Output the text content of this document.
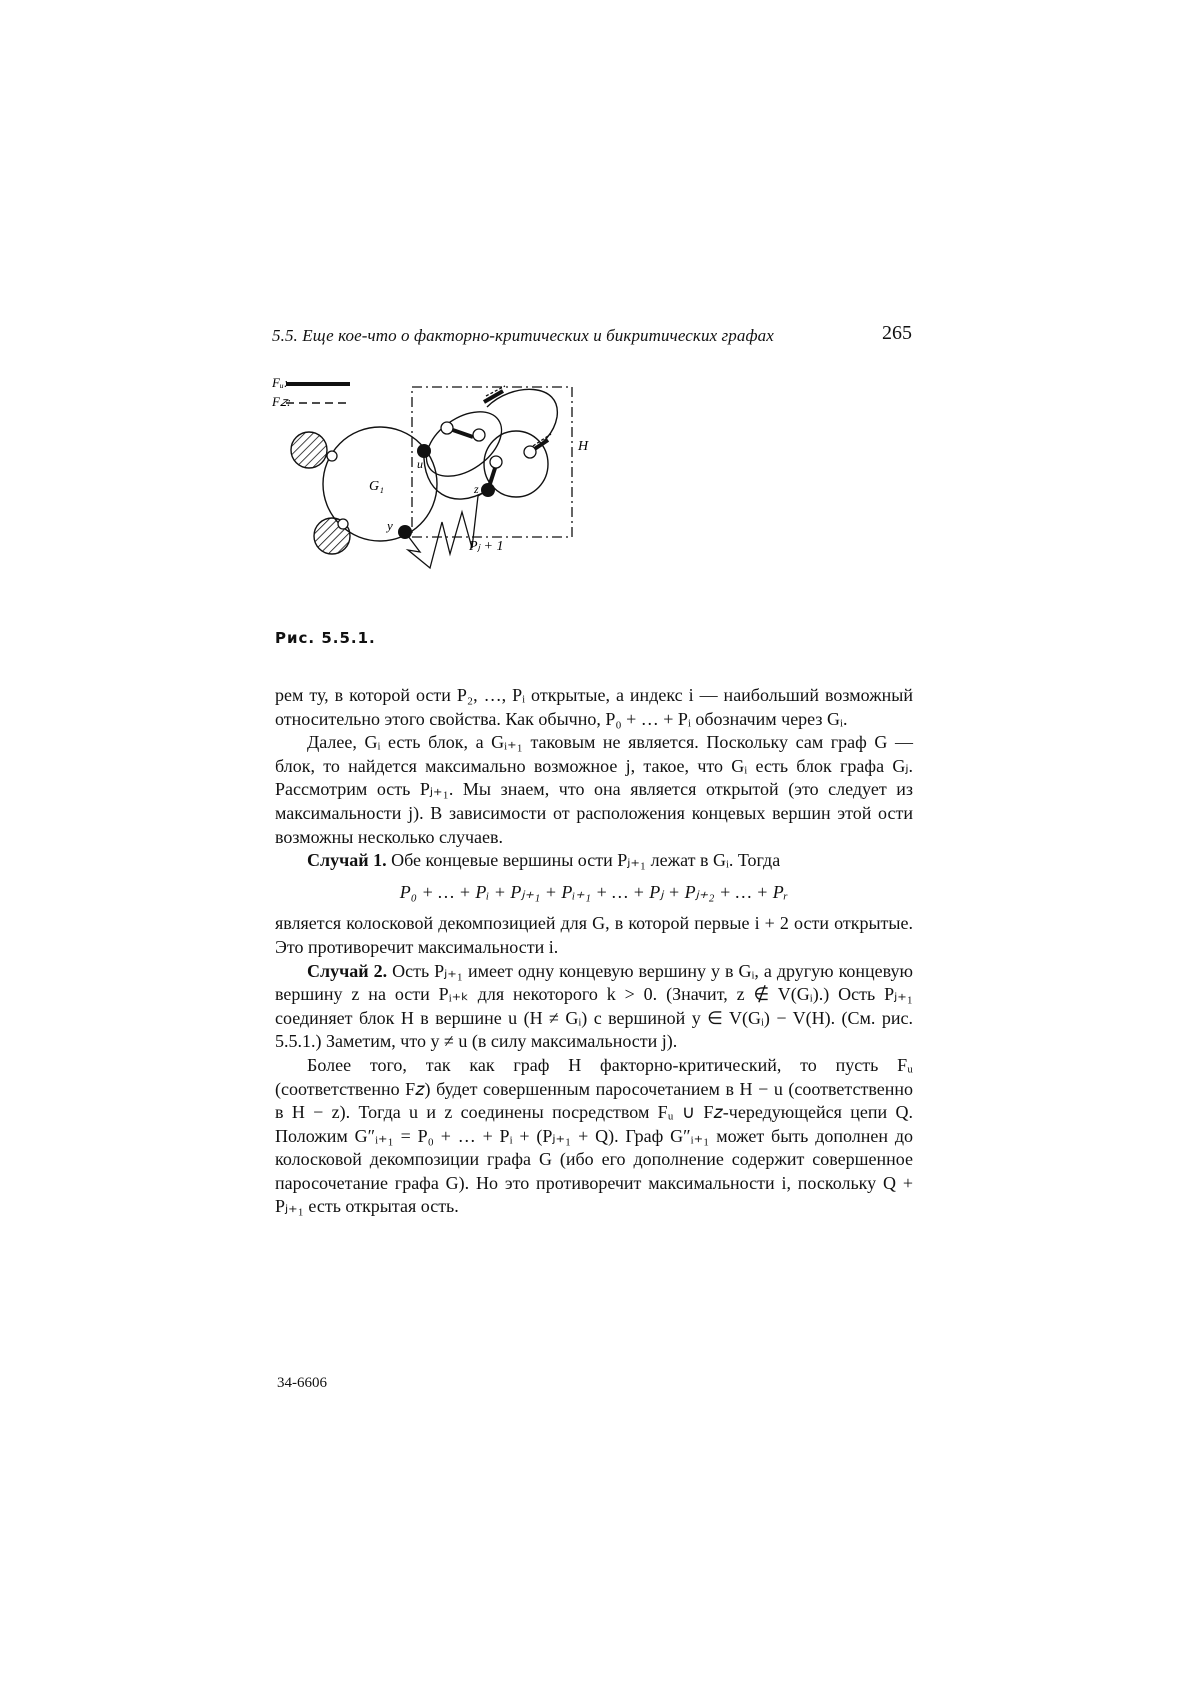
5.5. Еще кое-что о факторно-критических и бикритических графах	265
Fᵤ:
F𝑧:
H
G₁
u
z
y
Pⱼ + 1
Рис. 5.5.1.

рем ту, в которой ости P₂, …, Pᵢ открытые, а индекс i — наибольший возможный относительно этого свойства. Как обычно, P₀ + … + Pᵢ обозначим через Gᵢ.

Далее, Gᵢ есть блок, а Gᵢ₊₁ таковым не является. Поскольку сам граф G — блок, то найдется максимально возможное j, такое, что Gᵢ есть блок графа Gⱼ. Рассмотрим ость Pⱼ₊₁. Мы знаем, что она является открытой (это следует из максимальности j). В зависимости от расположения концевых вершин этой ости возможны несколько случаев.

Случай 1. Обе концевые вершины ости Pⱼ₊₁ лежат в Gᵢ. Тогда

P₀ + … + Pᵢ + Pⱼ₊₁ + Pᵢ₊₁ + … + Pⱼ + Pⱼ₊₂ + … + Pᵣ

является колосковой декомпозицией для G, в которой первые i + 2 ости открытые. Это противоречит максимальности i.

Случай 2. Ость Pⱼ₊₁ имеет одну концевую вершину y в Gᵢ, а другую концевую вершину z на ости Pᵢ₊ₖ для некоторого k > 0. (Значит, z ∉ V(Gᵢ).) Ость Pⱼ₊₁ соединяет блок H в вершине u (H ≠ Gᵢ) с вершиной y ∈ V(Gᵢ) − V(H). (См. рис. 5.5.1.) Заметим, что y ≠ u (в силу максимальности j).

Более того, так как граф H факторно-критический, то пусть Fᵤ (соответственно F𝑧) будет совершенным паросочетанием в H − u (соответственно в H − z). Тогда u и z соединены посредством Fᵤ ∪ F𝑧-чередующейся цепи Q. Положим G″ᵢ₊₁ = P₀ + … + Pᵢ + (Pⱼ₊₁ + Q). Граф G″ᵢ₊₁ может быть дополнен до колосковой декомпозиции графа G (ибо его дополнение содержит совершенное паросочетание графа G). Но это противоречит максимальности i, поскольку Q + Pⱼ₊₁ есть открытая ость.

34-6606
